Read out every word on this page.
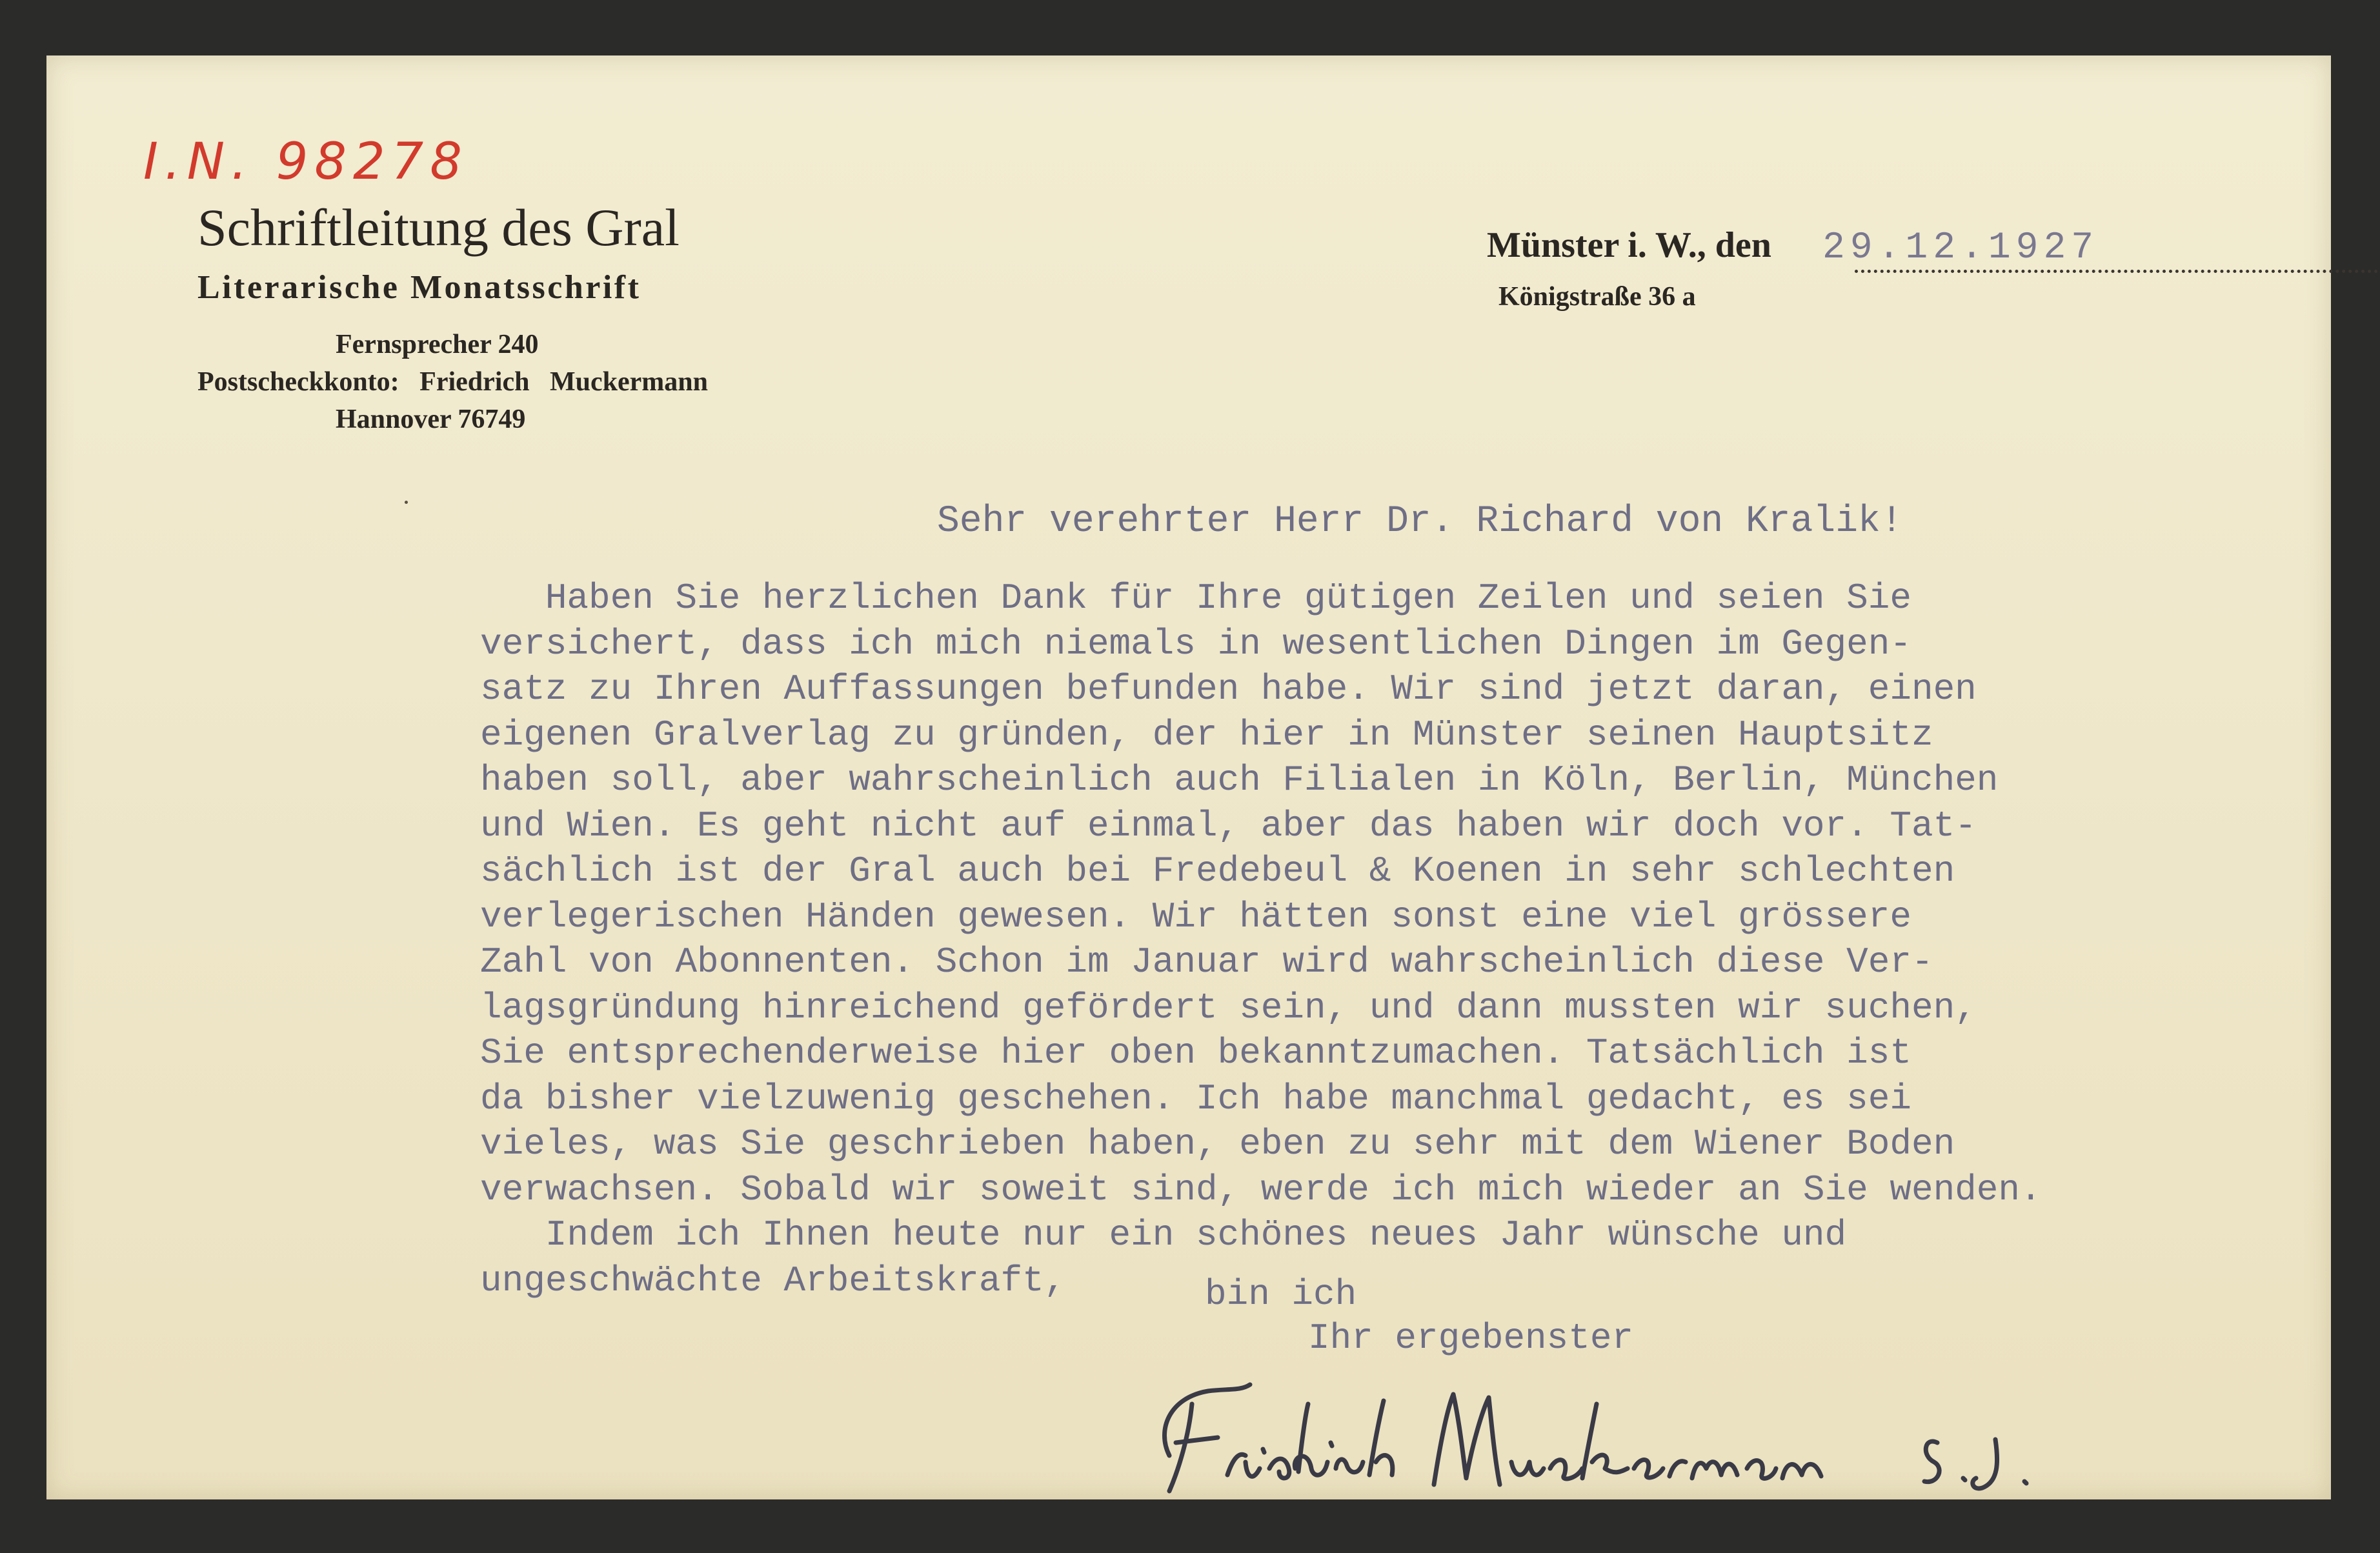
I.N. 98278
Schriftleitung des Gral
Literarische Monatsschrift
Fernsprecher 240
Postscheckkonto:   Friedrich   Muckermann
Hannover 76749
Münster i. W., den 29.12.1927
Königstraße 36 a
Sehr verehrter Herr Dr. Richard von Kralik!
Haben Sie herzlichen Dank für Ihre gütigen Zeilen und seien Sie
versichert, dass ich mich niemals in wesentlichen Dingen im Gegen-
satz zu Ihren Auffassungen befunden habe. Wir sind jetzt daran, einen
eigenen Gralverlag zu gründen, der hier in Münster seinen Hauptsitz
haben soll, aber wahrscheinlich auch Filialen in Köln, Berlin, München
und Wien. Es geht nicht auf einmal, aber das haben wir doch vor. Tat-
sächlich ist der Gral auch bei Fredebeul & Koenen in sehr schlechten
verlegerischen Händen gewesen. Wir hätten sonst eine viel grössere
Zahl von Abonnenten. Schon im Januar wird wahrscheinlich diese Ver-
lagsgründung hinreichend gefördert sein, und dann mussten wir suchen,
Sie entsprechenderweise hier oben bekanntzumachen. Tatsächlich ist
da bisher vielzuwenig geschehen. Ich habe manchmal gedacht, es sei
vieles, was Sie geschrieben haben, eben zu sehr mit dem Wiener Boden
verwachsen. Sobald wir soweit sind, werde ich mich wieder an Sie wenden.
Indem ich Ihnen heute nur ein schönes neues Jahr wünsche und
ungeschwächte Arbeitskraft,	bin ich
Ihr ergebenster
